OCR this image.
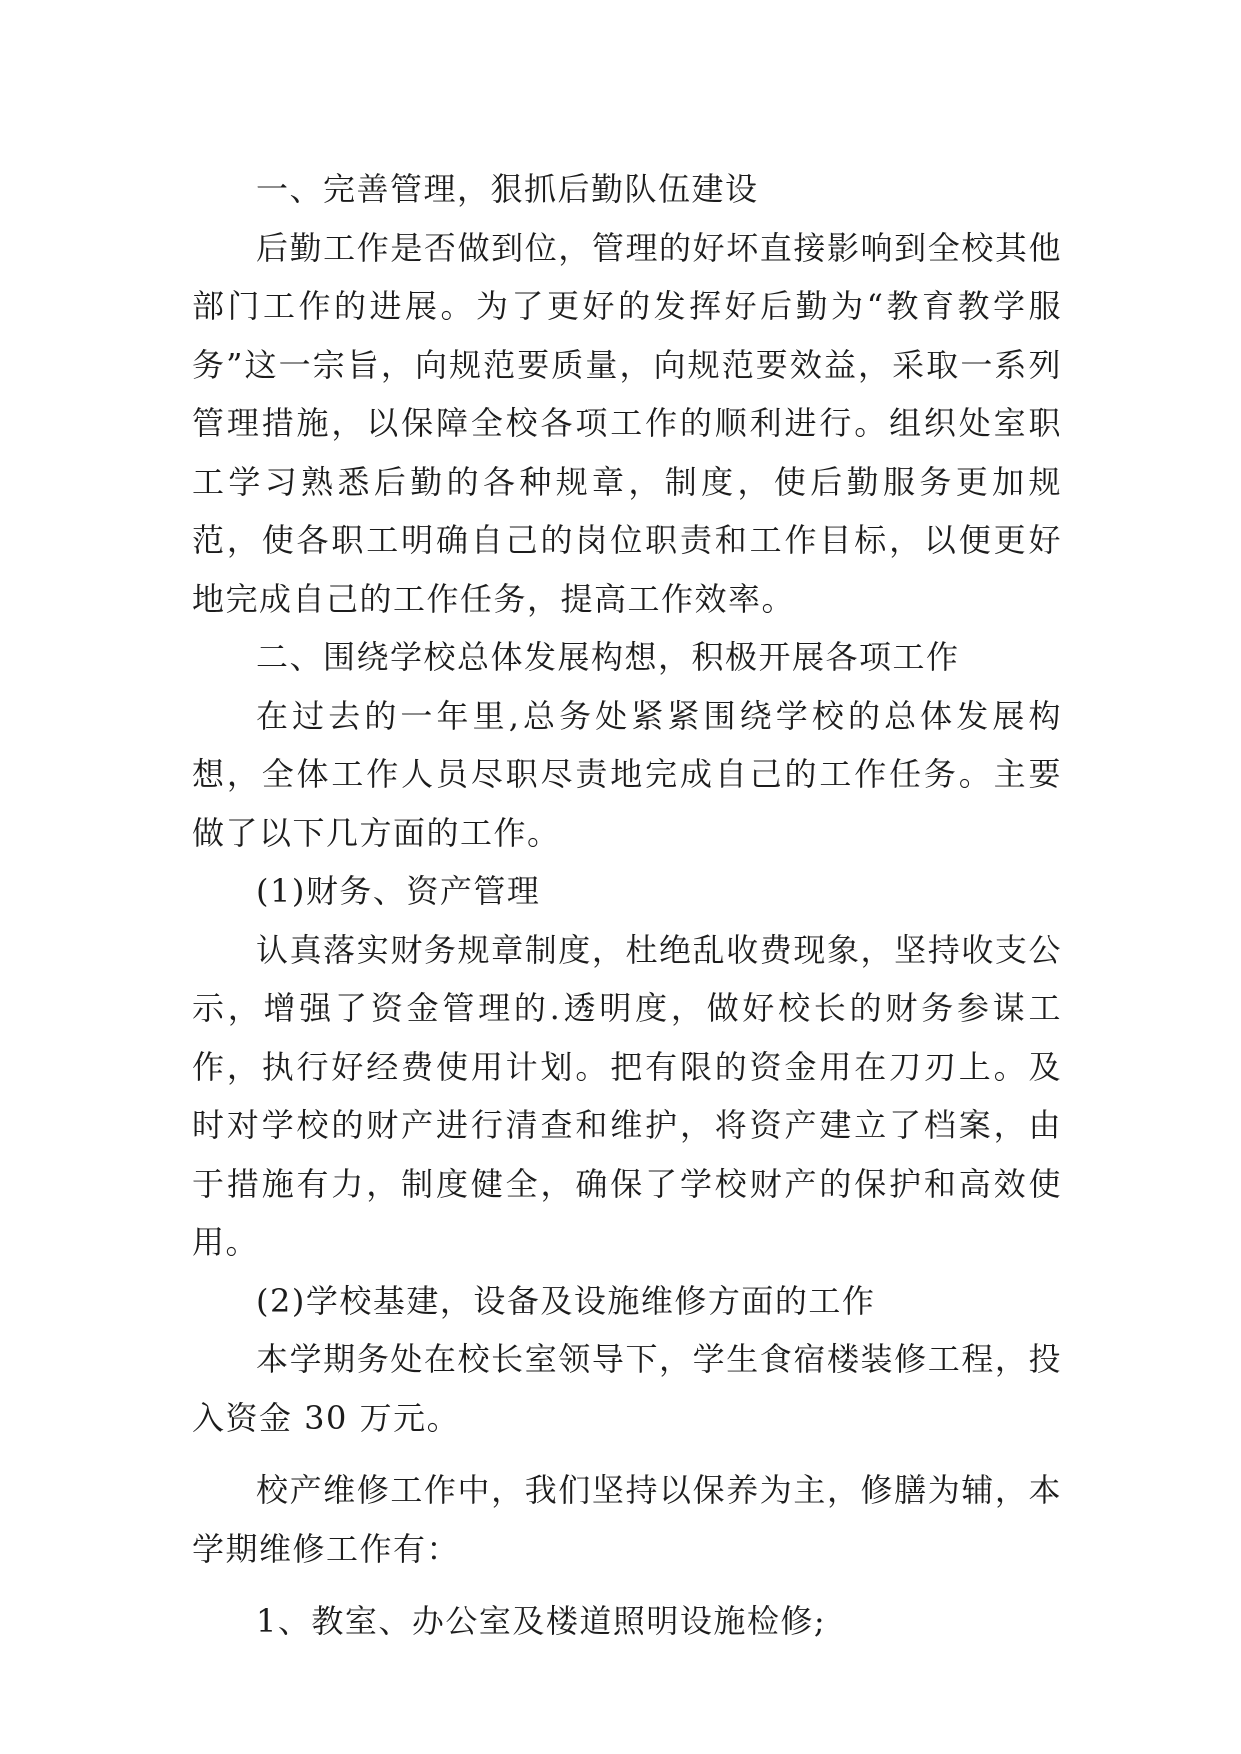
一、完善管理，狠抓后勤队伍建设

后勤工作是否做到位，管理的好坏直接影响到全校其他部门工作的进展。为了更好的发挥好后勤为“教育教学服务”这一宗旨，向规范要质量，向规范要效益，采取一系列管理措施，以保障全校各项工作的顺利进行。组织处室职工学习熟悉后勤的各种规章，制度，使后勤服务更加规范，使各职工明确自己的岗位职责和工作目标，以便更好地完成自己的工作任务，提高工作效率。

二、围绕学校总体发展构想，积极开展各项工作

在过去的一年里,总务处紧紧围绕学校的总体发展构想，全体工作人员尽职尽责地完成自己的工作任务。主要做了以下几方面的工作。

(1)财务、资产管理

认真落实财务规章制度，杜绝乱收费现象，坚持收支公示，增强了资金管理的.透明度，做好校长的财务参谋工作，执行好经费使用计划。把有限的资金用在刀刃上。及时对学校的财产进行清查和维护，将资产建立了档案，由于措施有力，制度健全，确保了学校财产的保护和高效使用。

(2)学校基建，设备及设施维修方面的工作

本学期务处在校长室领导下，学生食宿楼装修工程，投入资金 30 万元。

校产维修工作中，我们坚持以保养为主，修膳为辅，本学期维修工作有：

1、教室、办公室及楼道照明设施检修;
